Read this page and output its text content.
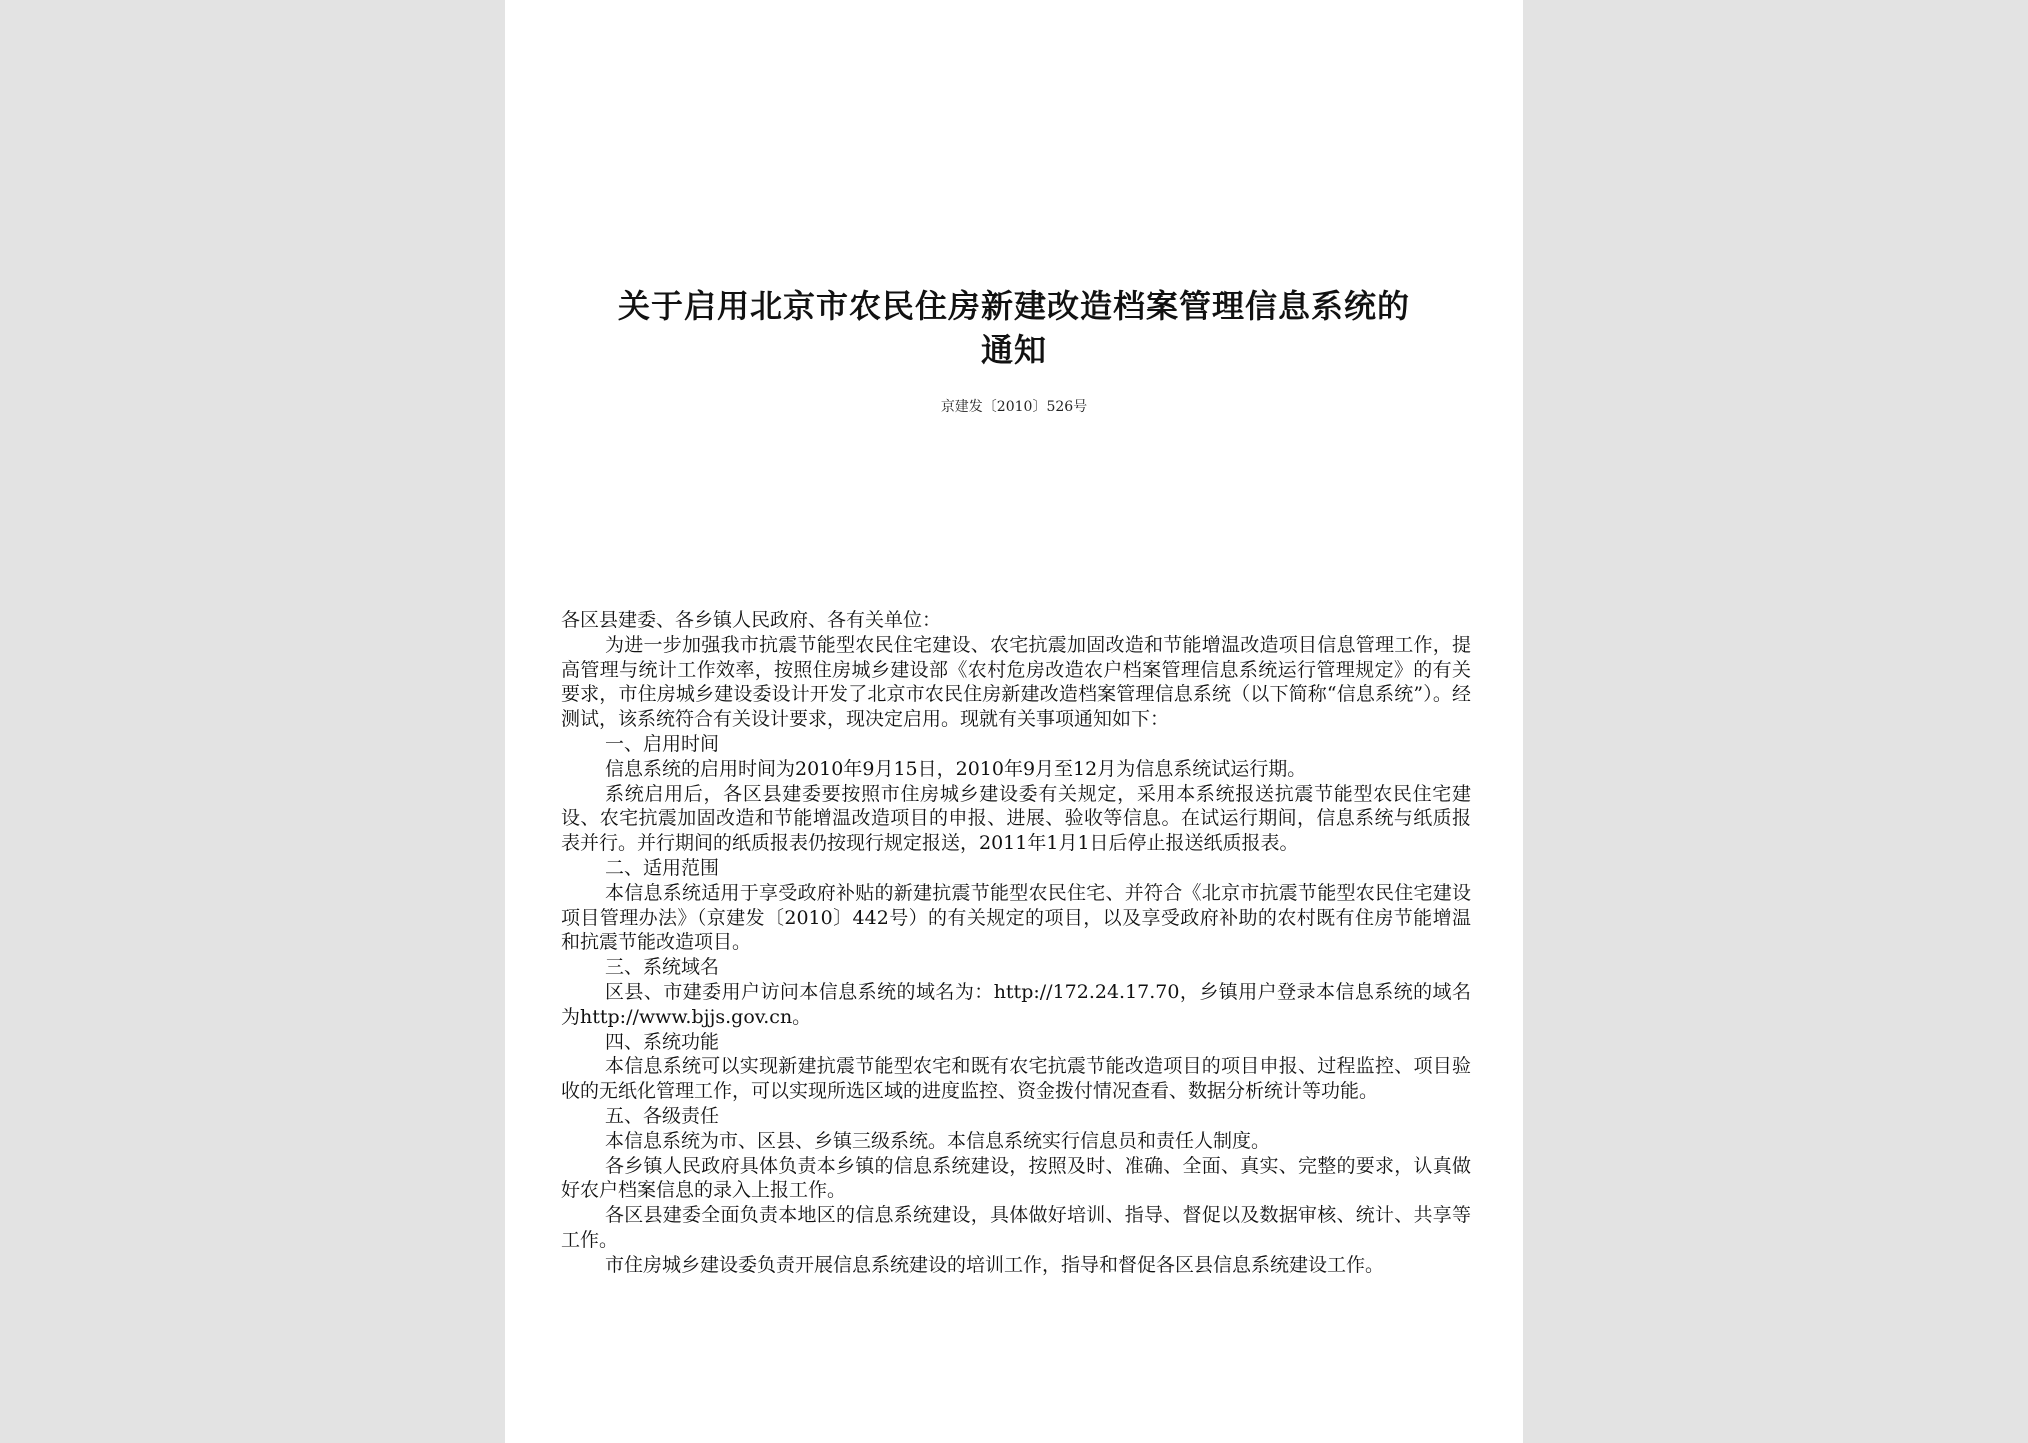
关于启用北京市农民住房新建改造档案管理信息系统的
通知
京建发〔2010〕526号

各区县建委、各乡镇人民政府、各有关单位：

为进一步加强我市抗震节能型农民住宅建设、农宅抗震加固改造和节能增温改造项目信息管理工作，提高管理与统计工作效率，按照住房城乡建设部《农村危房改造农户档案管理信息系统运行管理规定》的有关要求，市住房城乡建设委设计开发了北京市农民住房新建改造档案管理信息系统（以下简称“信息系统”）。经测试，该系统符合有关设计要求，现决定启用。现就有关事项通知如下：

一、启用时间

信息系统的启用时间为2010年9月15日，2010年9月至12月为信息系统试运行期。

系统启用后，各区县建委要按照市住房城乡建设委有关规定，采用本系统报送抗震节能型农民住宅建设、农宅抗震加固改造和节能增温改造项目的申报、进展、验收等信息。在试运行期间，信息系统与纸质报表并行。并行期间的纸质报表仍按现行规定报送，2011年1月1日后停止报送纸质报表。

二、适用范围

本信息系统适用于享受政府补贴的新建抗震节能型农民住宅、并符合《北京市抗震节能型农民住宅建设项目管理办法》（京建发〔2010〕442号）的有关规定的项目，以及享受政府补助的农村既有住房节能增温和抗震节能改造项目。

三、系统域名

区县、市建委用户访问本信息系统的域名为：http://172.24.17.70，乡镇用户登录本信息系统的域名为http://www.bjjs.gov.cn。

四、系统功能

本信息系统可以实现新建抗震节能型农宅和既有农宅抗震节能改造项目的项目申报、过程监控、项目验收的无纸化管理工作，可以实现所选区域的进度监控、资金拨付情况查看、数据分析统计等功能。

五、各级责任

本信息系统为市、区县、乡镇三级系统。本信息系统实行信息员和责任人制度。

各乡镇人民政府具体负责本乡镇的信息系统建设，按照及时、准确、全面、真实、完整的要求，认真做好农户档案信息的录入上报工作。

各区县建委全面负责本地区的信息系统建设，具体做好培训、指导、督促以及数据审核、统计、共享等工作。

市住房城乡建设委负责开展信息系统建设的培训工作，指导和督促各区县信息系统建设工作。
